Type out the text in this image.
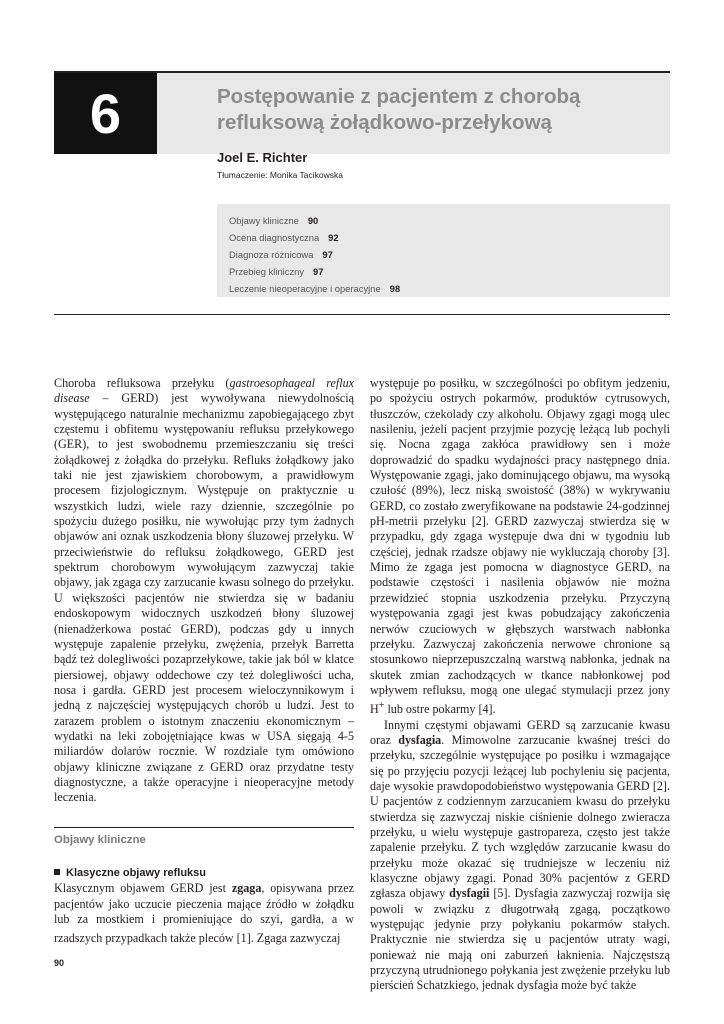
6	Postępowanie z pacjentem z chorobą refluksową żołądkowo-przełykową
Joel E. Richter
Tłumaczenie: Monika Tacikowska
Objawy kliniczne 90
Ocena diagnostyczna 92
Diagnoza różnicowa 97
Przebieg kliniczny 97
Leczenie nieoperacyjne i operacyjne 98

Choroba refluksowa przełyku (gastroesophageal reflux disease – GERD) jest wywoływana niewydolnością występującego naturalnie mechanizmu zapobiegającego zbyt częstemu i obfitemu występowaniu refluksu przełykowego (GER), to jest swobodnemu przemieszczaniu się treści żołądkowej z żołądka do przełyku. Refluks żołądkowy jako taki nie jest zjawiskiem chorobowym, a prawidłowym procesem fizjologicznym. Występuje on praktycznie u wszystkich ludzi, wiele razy dziennie, szczególnie po spożyciu dużego posiłku, nie wywołując przy tym żadnych objawów ani oznak uszkodzenia błony śluzowej przełyku. W przeciwieństwie do refluksu żołądkowego, GERD jest spektrum chorobowym wywołującym zazwyczaj takie objawy, jak zgaga czy zarzucanie kwasu solnego do przełyku. U większości pacjentów nie stwierdza się w badaniu endoskopowym widocznych uszkodzeń błony śluzowej (nienadżerkowa postać GERD), podczas gdy u innych występuje zapalenie przełyku, zwężenia, przełyk Barretta bądź też dolegliwości pozaprzełykowe, takie jak ból w klatce piersiowej, objawy oddechowe czy też dolegliwości ucha, nosa i gardła. GERD jest procesem wieloczynnikowym i jedną z najczęściej występujących chorób u ludzi. Jest to zarazem problem o istotnym znaczeniu ekonomicznym – wydatki na leki zobojętniające kwas w USA sięgają 4-5 miliardów dolarów rocznie. W rozdziale tym omówiono objawy kliniczne związane z GERD oraz przydatne testy diagnostyczne, a także operacyjne i nieoperacyjne metody leczenia.

Objawy kliniczne
Klasyczne objawy refluksu

Klasycznym objawem GERD jest zgaga, opisywana przez pacjentów jako uczucie pieczenia mające źródło w żołądku lub za mostkiem i promieniujące do szyi, gardła, a w rzadszych przypadkach także pleców [1]. Zgaga zazwyczaj

występuje po posiłku, w szczególności po obfitym jedzeniu, po spożyciu ostrych pokarmów, produktów cytrusowych, tłuszczów, czekolady czy alkoholu. Objawy zgagi mogą ulec nasileniu, jeżeli pacjent przyjmie pozycję leżącą lub pochyli się. Nocna zgaga zakłóca prawidłowy sen i może doprowadzić do spadku wydajności pracy następnego dnia. Występowanie zgagi, jako dominującego objawu, ma wysoką czułość (89%), lecz niską swoistość (38%) w wykrywaniu GERD, co zostało zweryfikowane na podstawie 24-godzinnej pH-metrii przełyku [2]. GERD zazwyczaj stwierdza się w przypadku, gdy zgaga występuje dwa dni w tygodniu lub częściej, jednak rzadsze objawy nie wykluczają choroby [3]. Mimo że zgaga jest pomocna w diagnostyce GERD, na podstawie częstości i nasilenia objawów nie można przewidzieć stopnia uszkodzenia przełyku. Przyczyną występowania zgagi jest kwas pobudzający zakończenia nerwów czuciowych w głębszych warstwach nabłonka przełyku. Zazwyczaj zakończenia nerwowe chronione są stosunkowo nieprzepuszczalną warstwą nabłonka, jednak na skutek zmian zachodzących w tkance nabłonkowej pod wpływem refluksu, mogą one ulegać stymulacji przez jony H+ lub ostre pokarmy [4].

Innymi częstymi objawami GERD są zarzucanie kwasu oraz dysfagia. Mimowolne zarzucanie kwaśnej treści do przełyku, szczególnie występujące po posiłku i wzmagające się po przyjęciu pozycji leżącej lub pochyleniu się pacjenta, daje wysokie prawdopodobieństwo występowania GERD [2]. U pacjentów z codziennym zarzucaniem kwasu do przełyku stwierdza się zazwyczaj niskie ciśnienie dolnego zwieracza przełyku, u wielu występuje gastropareza, często jest także zapalenie przełyku. Z tych względów zarzucanie kwasu do przełyku może okazać się trudniejsze w leczeniu niż klasyczne objawy zgagi. Ponad 30% pacjentów z GERD zgłasza objawy dysfagii [5]. Dysfagia zazwyczaj rozwija się powoli w związku z długotrwałą zgagą, początkowo występując jedynie przy połykaniu pokarmów stałych. Praktycznie nie stwierdza się u pacjentów utraty wagi, ponieważ nie mają oni zaburzeń łaknienia. Najczęstszą przyczyną utrudnionego połykania jest zwężenie przełyku lub pierścień Schatzkiego, jednak dysfagia może być także

90
